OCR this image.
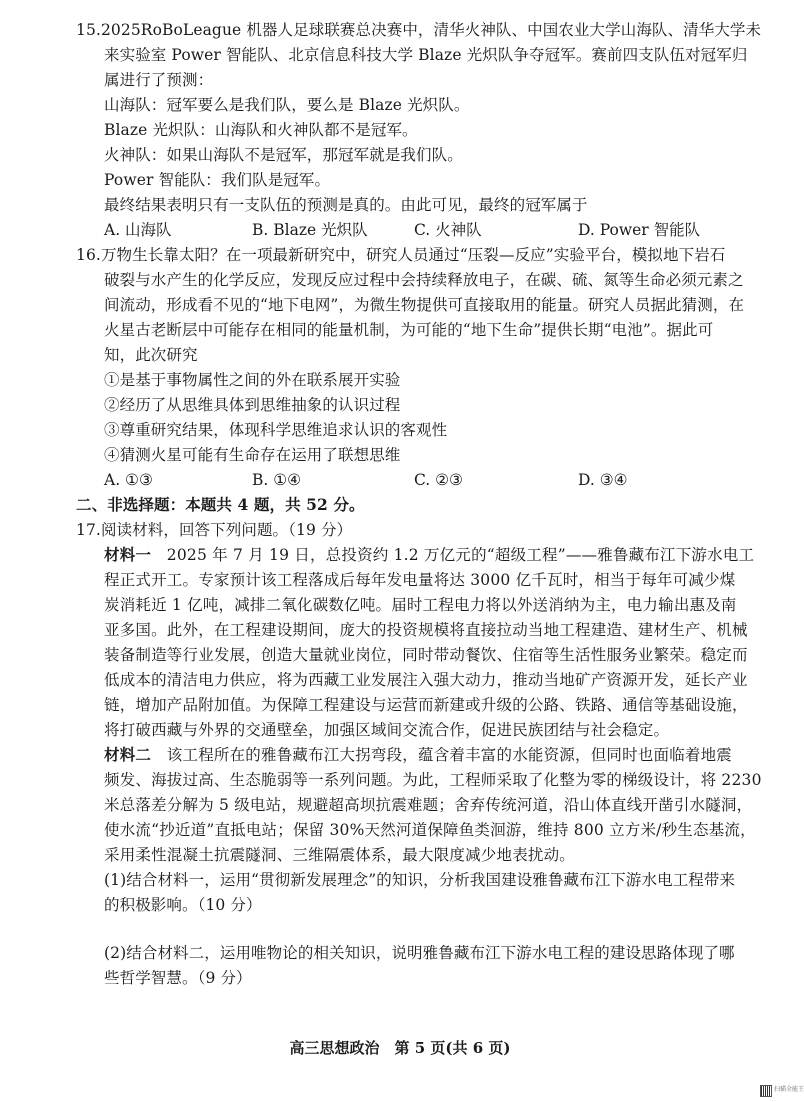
15.2025RoBoLeague 机器人足球联赛总决赛中，清华火神队、中国农业大学山海队、清华大学未
来实验室 Power 智能队、北京信息科技大学 Blaze 光炽队争夺冠军。赛前四支队伍对冠军归
属进行了预测：
山海队：冠军要么是我们队，要么是 Blaze 光炽队。
Blaze 光炽队：山海队和火神队都不是冠军。
火神队：如果山海队不是冠军，那冠军就是我们队。
Power 智能队：我们队是冠军。
最终结果表明只有一支队伍的预测是真的。由此可见，最终的冠军属于
A. 山海队	B. Blaze 光炽队	C. 火神队	D. Power 智能队
16.万物生长靠太阳？在一项最新研究中，研究人员通过“压裂—反应”实验平台，模拟地下岩石
破裂与水产生的化学反应，发现反应过程中会持续释放电子，在碳、硫、氮等生命必须元素之
间流动，形成看不见的“地下电网”，为微生物提供可直接取用的能量。研究人员据此猜测，在
火星古老断层中可能存在相同的能量机制，为可能的“地下生命”提供长期“电池”。据此可
知，此次研究
①是基于事物属性之间的外在联系展开实验
②经历了从思维具体到思维抽象的认识过程
③尊重研究结果，体现科学思维追求认识的客观性
④猜测火星可能有生命存在运用了联想思维
A. ①③	B. ①④	C. ②③	D. ③④
二、非选择题：本题共 4 题，共 52 分。
17.阅读材料，回答下列问题。（19 分）
材料一　2025 年 7 月 19 日，总投资约 1.2 万亿元的“超级工程”——雅鲁藏布江下游水电工
程正式开工。专家预计该工程落成后每年发电量将达 3000 亿千瓦时，相当于每年可减少煤
炭消耗近 1 亿吨，减排二氧化碳数亿吨。届时工程电力将以外送消纳为主，电力输出惠及南
亚多国。此外，在工程建设期间，庞大的投资规模将直接拉动当地工程建造、建材生产、机械
装备制造等行业发展，创造大量就业岗位，同时带动餐饮、住宿等生活性服务业繁荣。稳定而
低成本的清洁电力供应，将为西藏工业发展注入强大动力，推动当地矿产资源开发，延长产业
链，增加产品附加值。为保障工程建设与运营而新建或升级的公路、铁路、通信等基础设施，
将打破西藏与外界的交通壁垒，加强区域间交流合作，促进民族团结与社会稳定。
材料二　该工程所在的雅鲁藏布江大拐弯段，蕴含着丰富的水能资源，但同时也面临着地震
频发、海拔过高、生态脆弱等一系列问题。为此，工程师采取了化整为零的梯级设计，将 2230
米总落差分解为 5 级电站，规避超高坝抗震难题；舍弃传统河道，沿山体直线开凿引水隧洞，
使水流“抄近道”直抵电站；保留 30%天然河道保障鱼类洄游，维持 800 立方米/秒生态基流，
采用柔性混凝土抗震隧洞、三维隔震体系，最大限度减少地表扰动。
(1)结合材料一，运用“贯彻新发展理念”的知识，分析我国建设雅鲁藏布江下游水电工程带来
的积极影响。（10 分）
(2)结合材料二，运用唯物论的相关知识，说明雅鲁藏布江下游水电工程的建设思路体现了哪
些哲学智慧。（9 分）
高三思想政治　第 5 页(共 6 页)
扫描全能王
